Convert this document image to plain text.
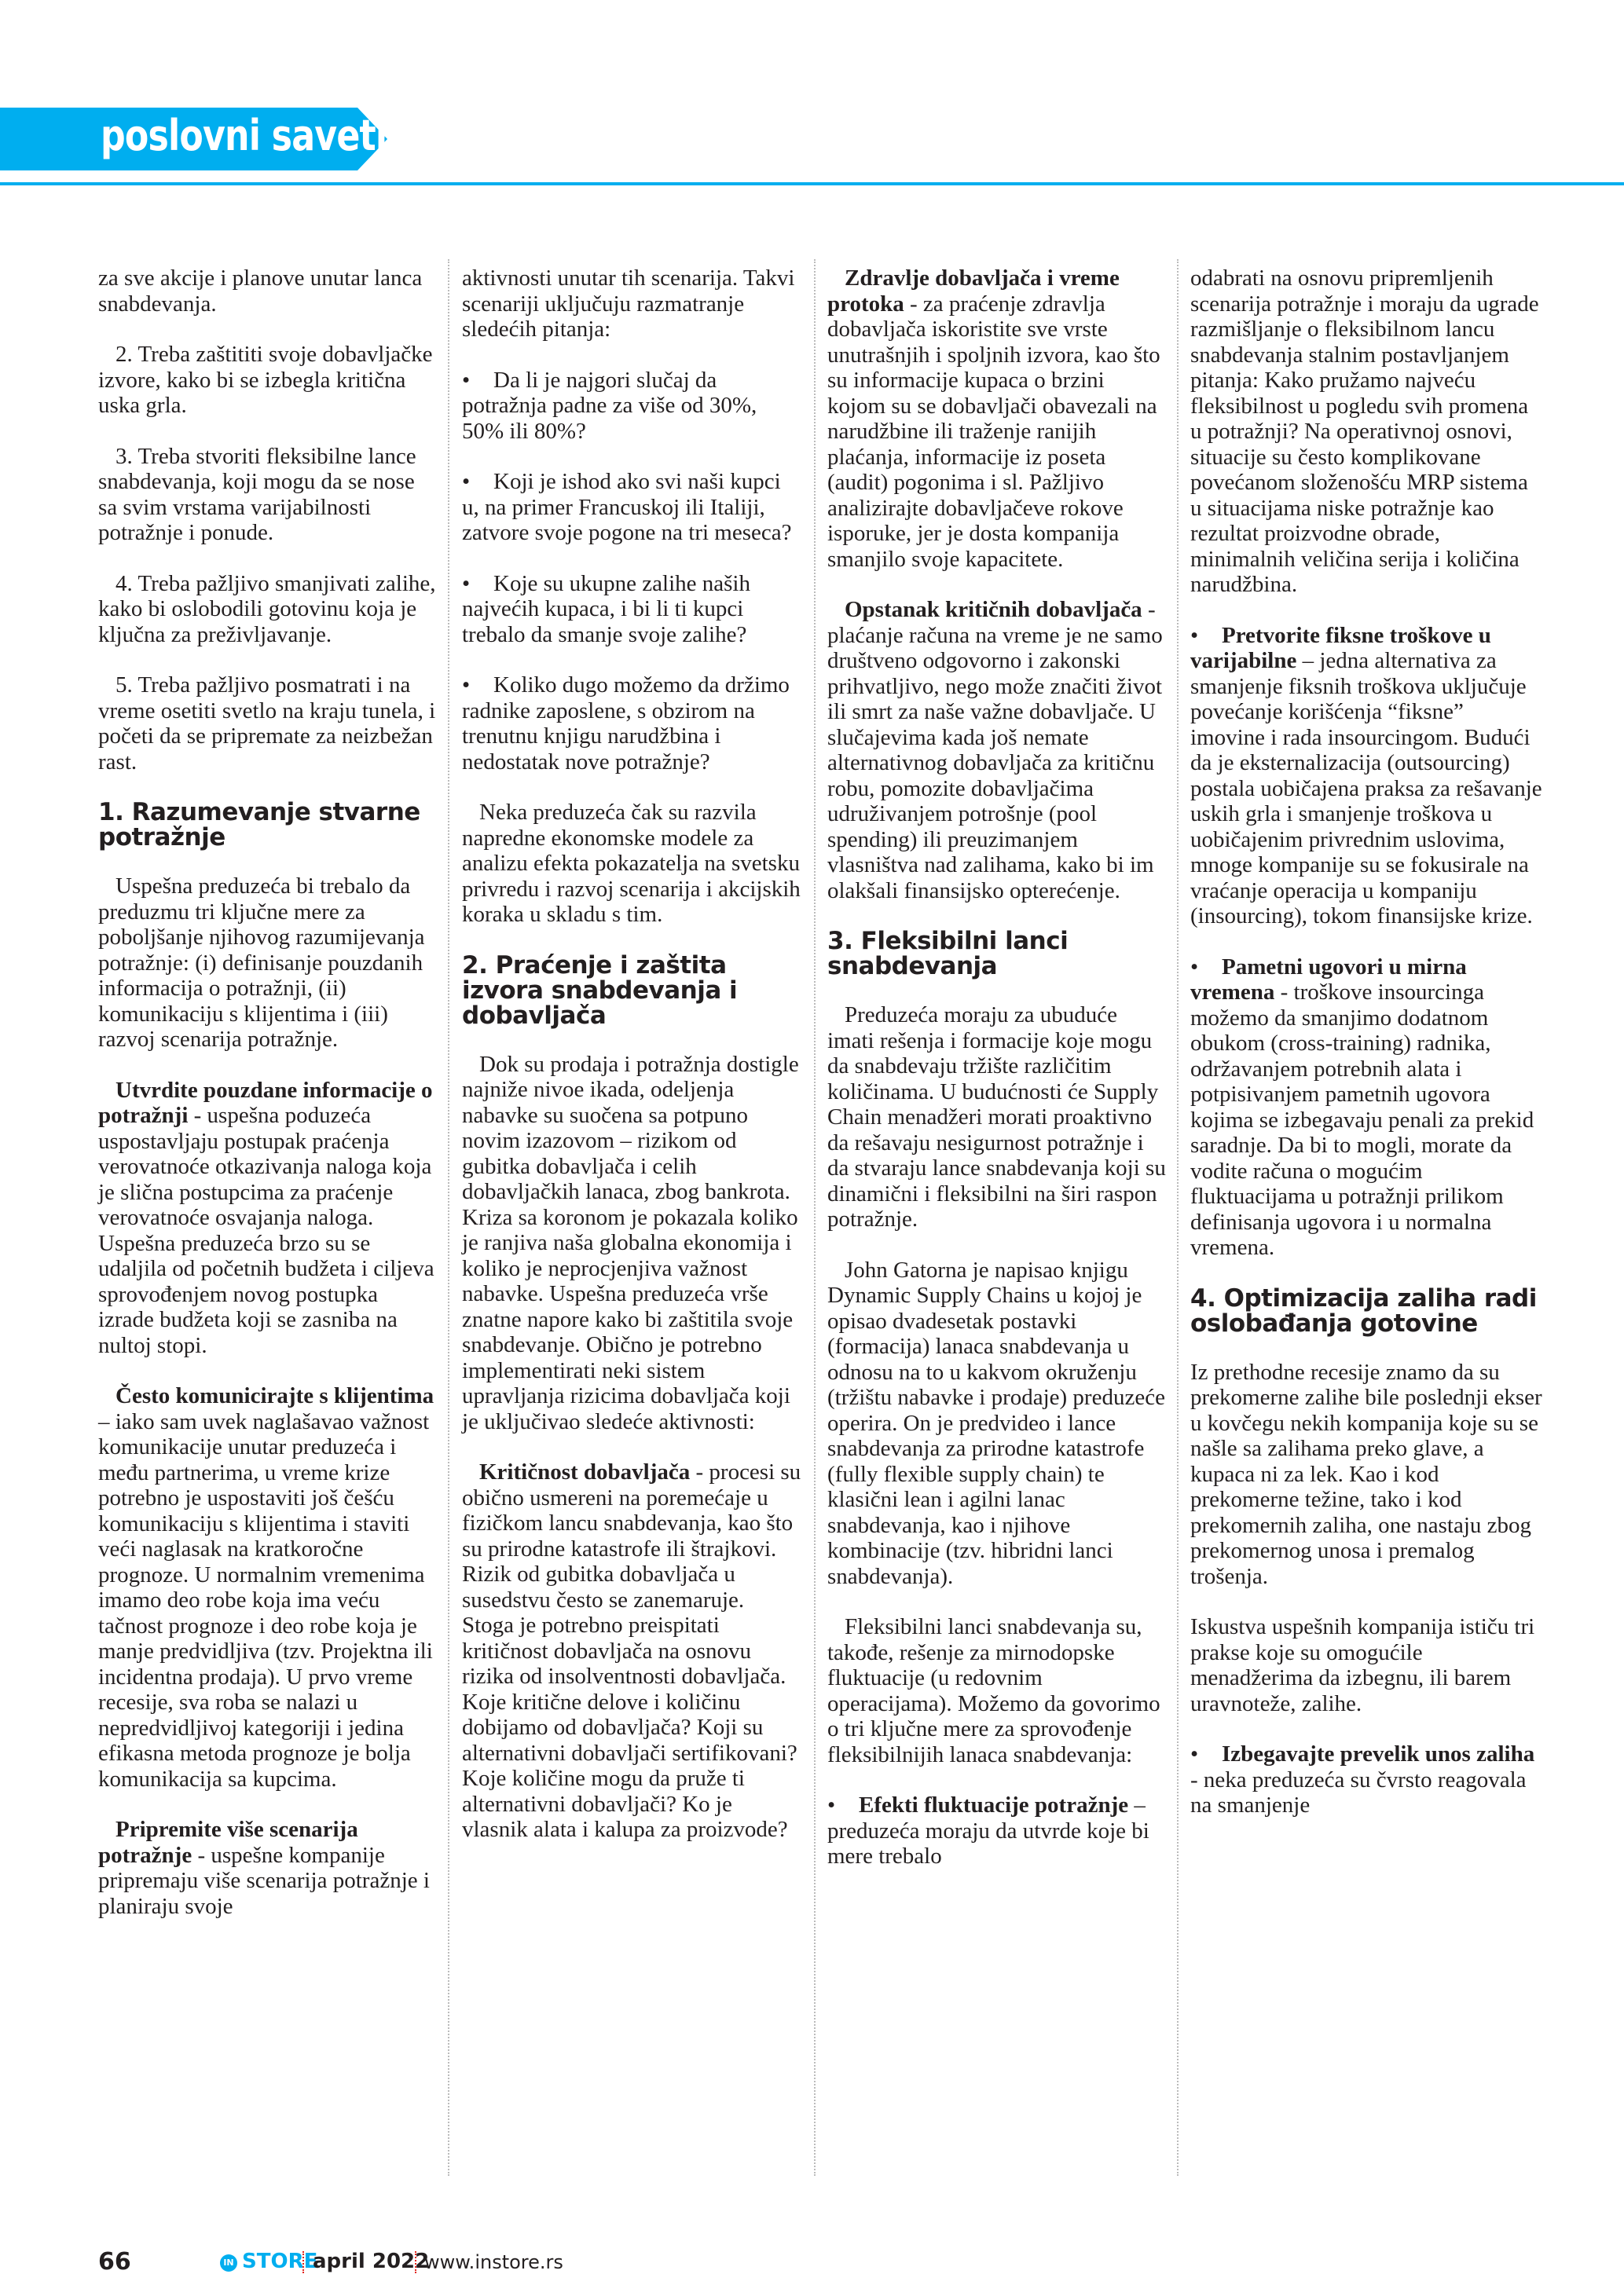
poslovni savetnik

za sve akcije i planove unutar lanca snabdevanja.

2. Treba zaštititi svoje dobavljačke izvore, kako bi se izbegla kritična uska grla.

3. Treba stvoriti fleksibilne lance snabdevanja, koji mogu da se nose sa svim vrstama varijabilnosti potražnje i ponude.

4. Treba pažljivo smanjivati zalihe, kako bi oslobodili gotovinu koja je ključna za preživljavanje.

5. Treba pažljivo posmatrati i na vreme osetiti svetlo na kraju tunela, i početi da se pripremate za neizbežan rast.

1. Razumevanje stvarne potražnje

Uspešna preduzeća bi trebalo da preduzmu tri ključne mere za poboljšanje njihovog razumijevanja potražnje: (i) definisanje pouzdanih informacija o potražnji, (ii) komunikaciju s klijentima i (iii) razvoj scenarija potražnje.

Utvrdite pouzdane informacije o potražnji - uspešna poduzeća uspostavljaju postupak praćenja verovatnoće otkazivanja naloga koja je slična postupcima za praćenje verovatnoće osvajanja naloga. Uspešna preduzeća brzo su se udaljila od početnih budžeta i ciljeva sprovođenjem novog postupka izrade budžeta koji se zasniba na nultoj stopi.

Često komunicirajte s klijentima – iako sam uvek naglašavao važnost komunikacije unutar preduzeća i među partnerima, u vreme krize potrebno je uspostaviti još češću komunikaciju s klijentima i staviti veći naglasak na kratkoročne prognoze. U normalnim vremenima imamo deo robe koja ima veću tačnost prognoze i deo robe koja je manje predvidljiva (tzv. Projektna ili incidentna prodaja). U prvo vreme recesije, sva roba se nalazi u nepredvidljivoj kategoriji i jedina efikasna metoda prognoze je bolja komunikacija sa kupcima.

Pripremite više scenarija potražnje - uspešne kompanije pripremaju više scenarija potražnje i planiraju svoje

aktivnosti unutar tih scenarija. Takvi scenariji uključuju razmatranje sledećih pitanja:

• Da li je najgori slučaj da potražnja padne za više od 30%, 50% ili 80%?

• Koji je ishod ako svi naši kupci u, na primer Francuskoj ili Italiji, zatvore svoje pogone na tri meseca?

• Koje su ukupne zalihe naših najvećih kupaca, i bi li ti kupci trebalo da smanje svoje zalihe?

• Koliko dugo možemo da držimo radnike zaposlene, s obzirom na trenutnu knjigu narudžbina i nedostatak nove potražnje?

Neka preduzeća čak su razvila napredne ekonomske modele za analizu efekta pokazatelja na svetsku privredu i razvoj scenarija i akcijskih koraka u skladu s tim.

2. Praćenje i zaštita izvora snabdevanja i dobavljača

Dok su prodaja i potražnja dostigle najniže nivoe ikada, odeljenja nabavke su suočena sa potpuno novim izazovom – rizikom od gubitka dobavljača i celih dobavljačkih lanaca, zbog bankrota. Kriza sa koronom je pokazala koliko je ranjiva naša globalna ekonomija i koliko je neprocjenjiva važnost nabavke. Uspešna preduzeća vrše znatne napore kako bi zaštitila svoje snabdevanje. Obično je potrebno implementirati neki sistem upravljanja rizicima dobavljača koji je uključivao sledeće aktivnosti:

Kritičnost dobavljača - procesi su obično usmereni na poremećaje u fizičkom lancu snabdevanja, kao što su prirodne katastrofe ili štrajkovi. Rizik od gubitka dobavljača u susedstvu često se zanemaruje. Stoga je potrebno preispitati kritičnost dobavljača na osnovu rizika od insolventnosti dobavljača. Koje kritične delove i količinu dobijamo od dobavljača? Koji su alternativni dobavljači sertifikovani? Koje količine mogu da pruže ti alternativni dobavljači? Ko je vlasnik alata i kalupa za proizvode?

Zdravlje dobavljača i vreme protoka - za praćenje zdravlja dobavljača iskoristite sve vrste unutrašnjih i spoljnih izvora, kao što su informacije kupaca o brzini kojom su se dobavljači obavezali na narudžbine ili traženje ranijih plaćanja, informacije iz poseta (audit) pogonima i sl. Pažljivo analizirajte dobavljačeve rokove isporuke, jer je dosta kompanija smanjilo svoje kapacitete.

Opstanak kritičnih dobavljača - plaćanje računa na vreme je ne samo društveno odgovorno i zakonski prihvatljivo, nego može značiti život ili smrt za naše važne dobavljače. U slučajevima kada još nemate alternativnog dobavljača za kritičnu robu, pomozite dobavljačima udruživanjem potrošnje (pool spending) ili preuzimanjem vlasništva nad zalihama, kako bi im olakšali finansijsko opterećenje.

3. Fleksibilni lanci snabdevanja

Preduzeća moraju za ubuduće imati rešenja i formacije koje mogu da snabdevaju tržište različitim količinama. U budućnosti će Supply Chain menadžeri morati proaktivno da rešavaju nesigurnost potražnje i da stvaraju lance snabdevanja koji su dinamični i fleksibilni na širi raspon potražnje.

John Gatorna je napisao knjigu Dynamic Supply Chains u kojoj je opisao dvadesetak postavki (formacija) lanaca snabdevanja u odnosu na to u kakvom okruženju (tržištu nabavke i prodaje) preduzeće operira. On je predvideo i lance snabdevanja za prirodne katastrofe (fully flexible supply chain) te klasični lean i agilni lanac snabdevanja, kao i njihove kombinacije (tzv. hibridni lanci snabdevanja).

Fleksibilni lanci snabdevanja su, takođe, rešenje za mirnodopske fluktuacije (u redovnim operacijama). Možemo da govorimo o tri ključne mere za sprovođenje fleksibilnijih lanaca snabdevanja:

• Efekti fluktuacije potražnje – preduzeća moraju da utvrde koje bi mere trebalo

odabrati na osnovu pripremljenih scenarija potražnje i moraju da ugrade razmišljanje o fleksibilnom lancu snabdevanja stalnim postavljanjem pitanja: Kako pružamo najveću fleksibilnost u pogledu svih promena u potražnji? Na operativnoj osnovi, situacije su često komplikovane povećanom složenošću MRP sistema u situacijama niske potražnje kao rezultat proizvodne obrade, minimalnih veličina serija i količina narudžbina.

• Pretvorite fiksne troškove u varijabilne – jedna alternativa za smanjenje fiksnih troškova uključuje povećanje korišćenja “fiksne” imovine i rada insourcingom. Budući da je eksternalizacija (outsourcing) postala uobičajena praksa za rešavanje uskih grla i smanjenje troškova u uobičajenim privrednim uslovima, mnoge kompanije su se fokusirale na vraćanje operacija u kompaniju (insourcing), tokom finansijske krize.

• Pametni ugovori u mirna vremena - troškove insourcinga možemo da smanjimo dodatnom obukom (cross-training) radnika, održavanjem potrebnih alata i potpisivanjem pametnih ugovora kojima se izbegavaju penali za prekid saradnje. Da bi to mogli, morate da vodite računa o mogućim fluktuacijama u potražnji prilikom definisanja ugovora i u normalna vremena.

4. Optimizacija zaliha radi oslobađanja gotovine

Iz prethodne recesije znamo da su prekomerne zalihe bile poslednji ekser u kovčegu nekih kompanija koje su se našle sa zalihama preko glave, a kupaca ni za lek. Kao i kod prekomerne težine, tako i kod prekomernih zaliha, one nastaju zbog prekomernog unosa i premalog trošenja.

Iskustva uspešnih kompanija ističu tri prakse koje su omogućile menadžerima da izbegnu, ili barem uravnoteže, zalihe.

• Izbegavajte prevelik unos zaliha - neka preduzeća su čvrsto reagovala na smanjenje

66	IN STORE
april 2022
www.instore.rs
